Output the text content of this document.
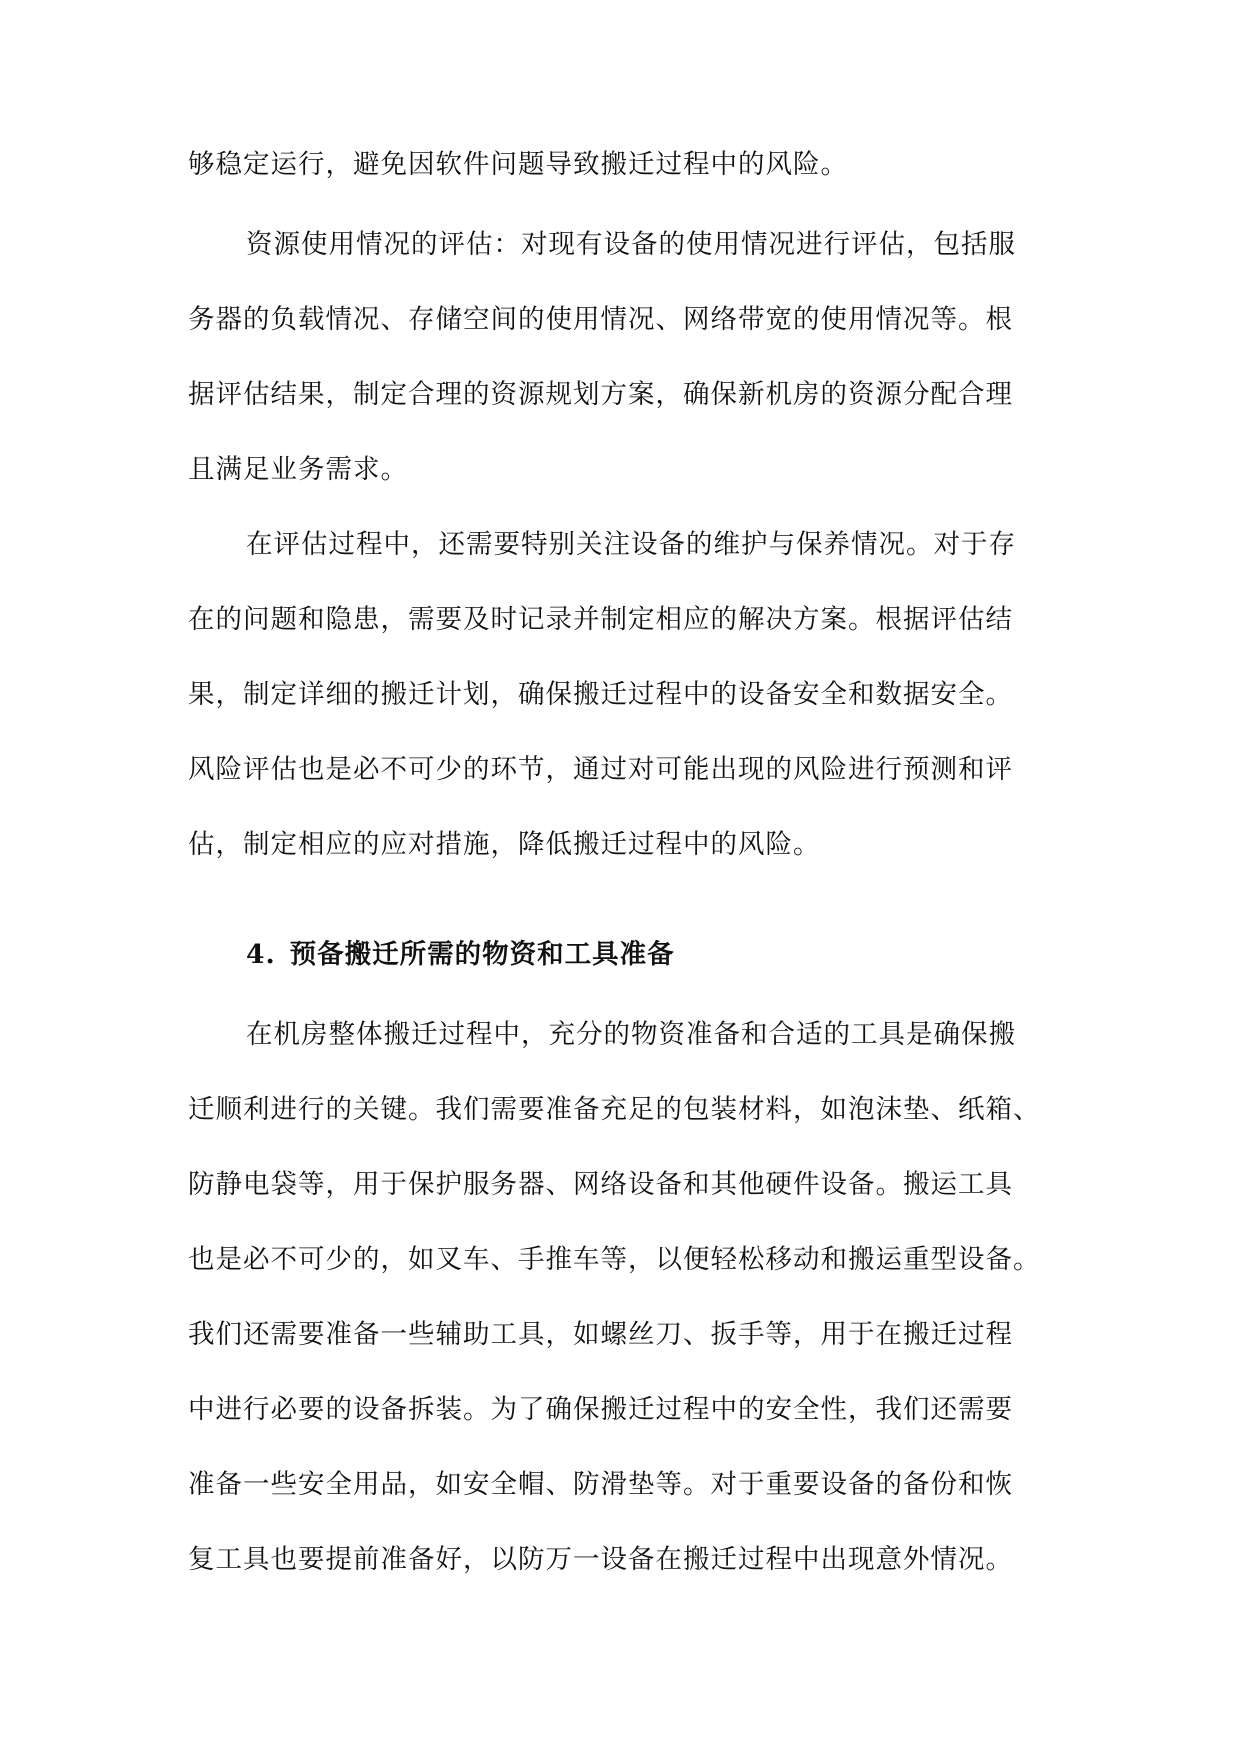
够稳定运行，避免因软件问题导致搬迁过程中的风险。

资源使用情况的评估：对现有设备的使用情况进行评估，包括服

务器的负载情况、存储空间的使用情况、网络带宽的使用情况等。根

据评估结果，制定合理的资源规划方案，确保新机房的资源分配合理

且满足业务需求。

在评估过程中，还需要特别关注设备的维护与保养情况。对于存

在的问题和隐患，需要及时记录并制定相应的解决方案。根据评估结

果，制定详细的搬迁计划，确保搬迁过程中的设备安全和数据安全。

风险评估也是必不可少的环节，通过对可能出现的风险进行预测和评

估，制定相应的应对措施，降低搬迁过程中的风险。

4. 预备搬迁所需的物资和工具准备

在机房整体搬迁过程中，充分的物资准备和合适的工具是确保搬

迁顺利进行的关键。我们需要准备充足的包装材料，如泡沫垫、纸箱、

防静电袋等，用于保护服务器、网络设备和其他硬件设备。搬运工具

也是必不可少的，如叉车、手推车等，以便轻松移动和搬运重型设备。

我们还需要准备一些辅助工具，如螺丝刀、扳手等，用于在搬迁过程

中进行必要的设备拆装。为了确保搬迁过程中的安全性，我们还需要

准备一些安全用品，如安全帽、防滑垫等。对于重要设备的备份和恢

复工具也要提前准备好，以防万一设备在搬迁过程中出现意外情况。
